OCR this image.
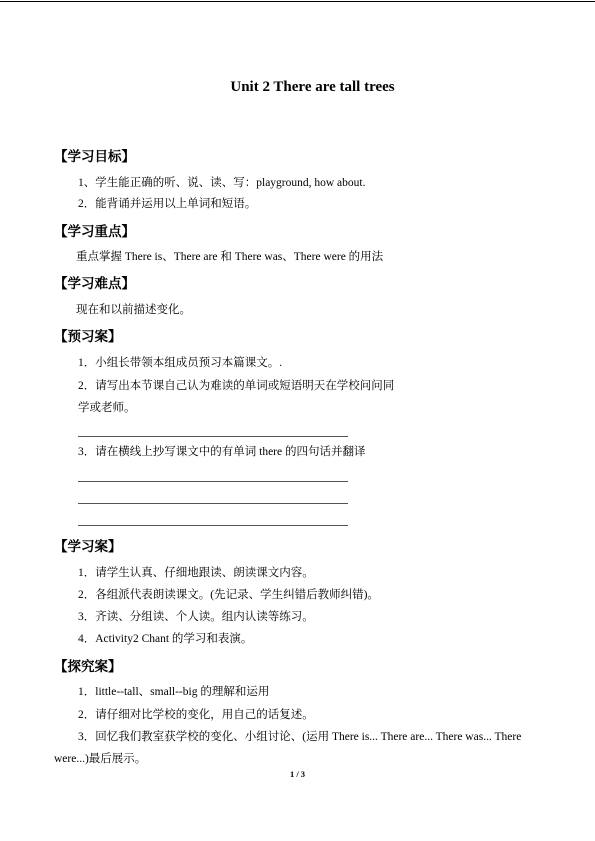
Unit 2 There are tall trees
【学习目标】
1、学生能正确的听、说、读、写：playground, how about.
2．能背诵并运用以上单词和短语。
【学习重点】
重点掌握 There is、There are 和 There was、There were 的用法
【学习难点】
现在和以前描述变化。
【预习案】
1．小组长带领本组成员预习本篇课文。.
2．请写出本节课自己认为难读的单词或短语明天在学校问问同
学或老师。
3．请在横线上抄写课文中的有单词 there 的四句话并翻译
【学习案】
1．请学生认真、仔细地跟读、朗读课文内容。
2．各组派代表朗读课文。(先记录、学生纠错后教师纠错)。
3．齐读、分组读、个人读。组内认读等练习。
4．Activity2 Chant 的学习和表演。
【探究案】
1．little--tall、small--big 的理解和运用
2．请仔细对比学校的变化，用自己的话复述。
3．回忆我们教室获学校的变化、小组讨论、(运用 There is... There are... There was... There
were...)最后展示。
1 / 3
